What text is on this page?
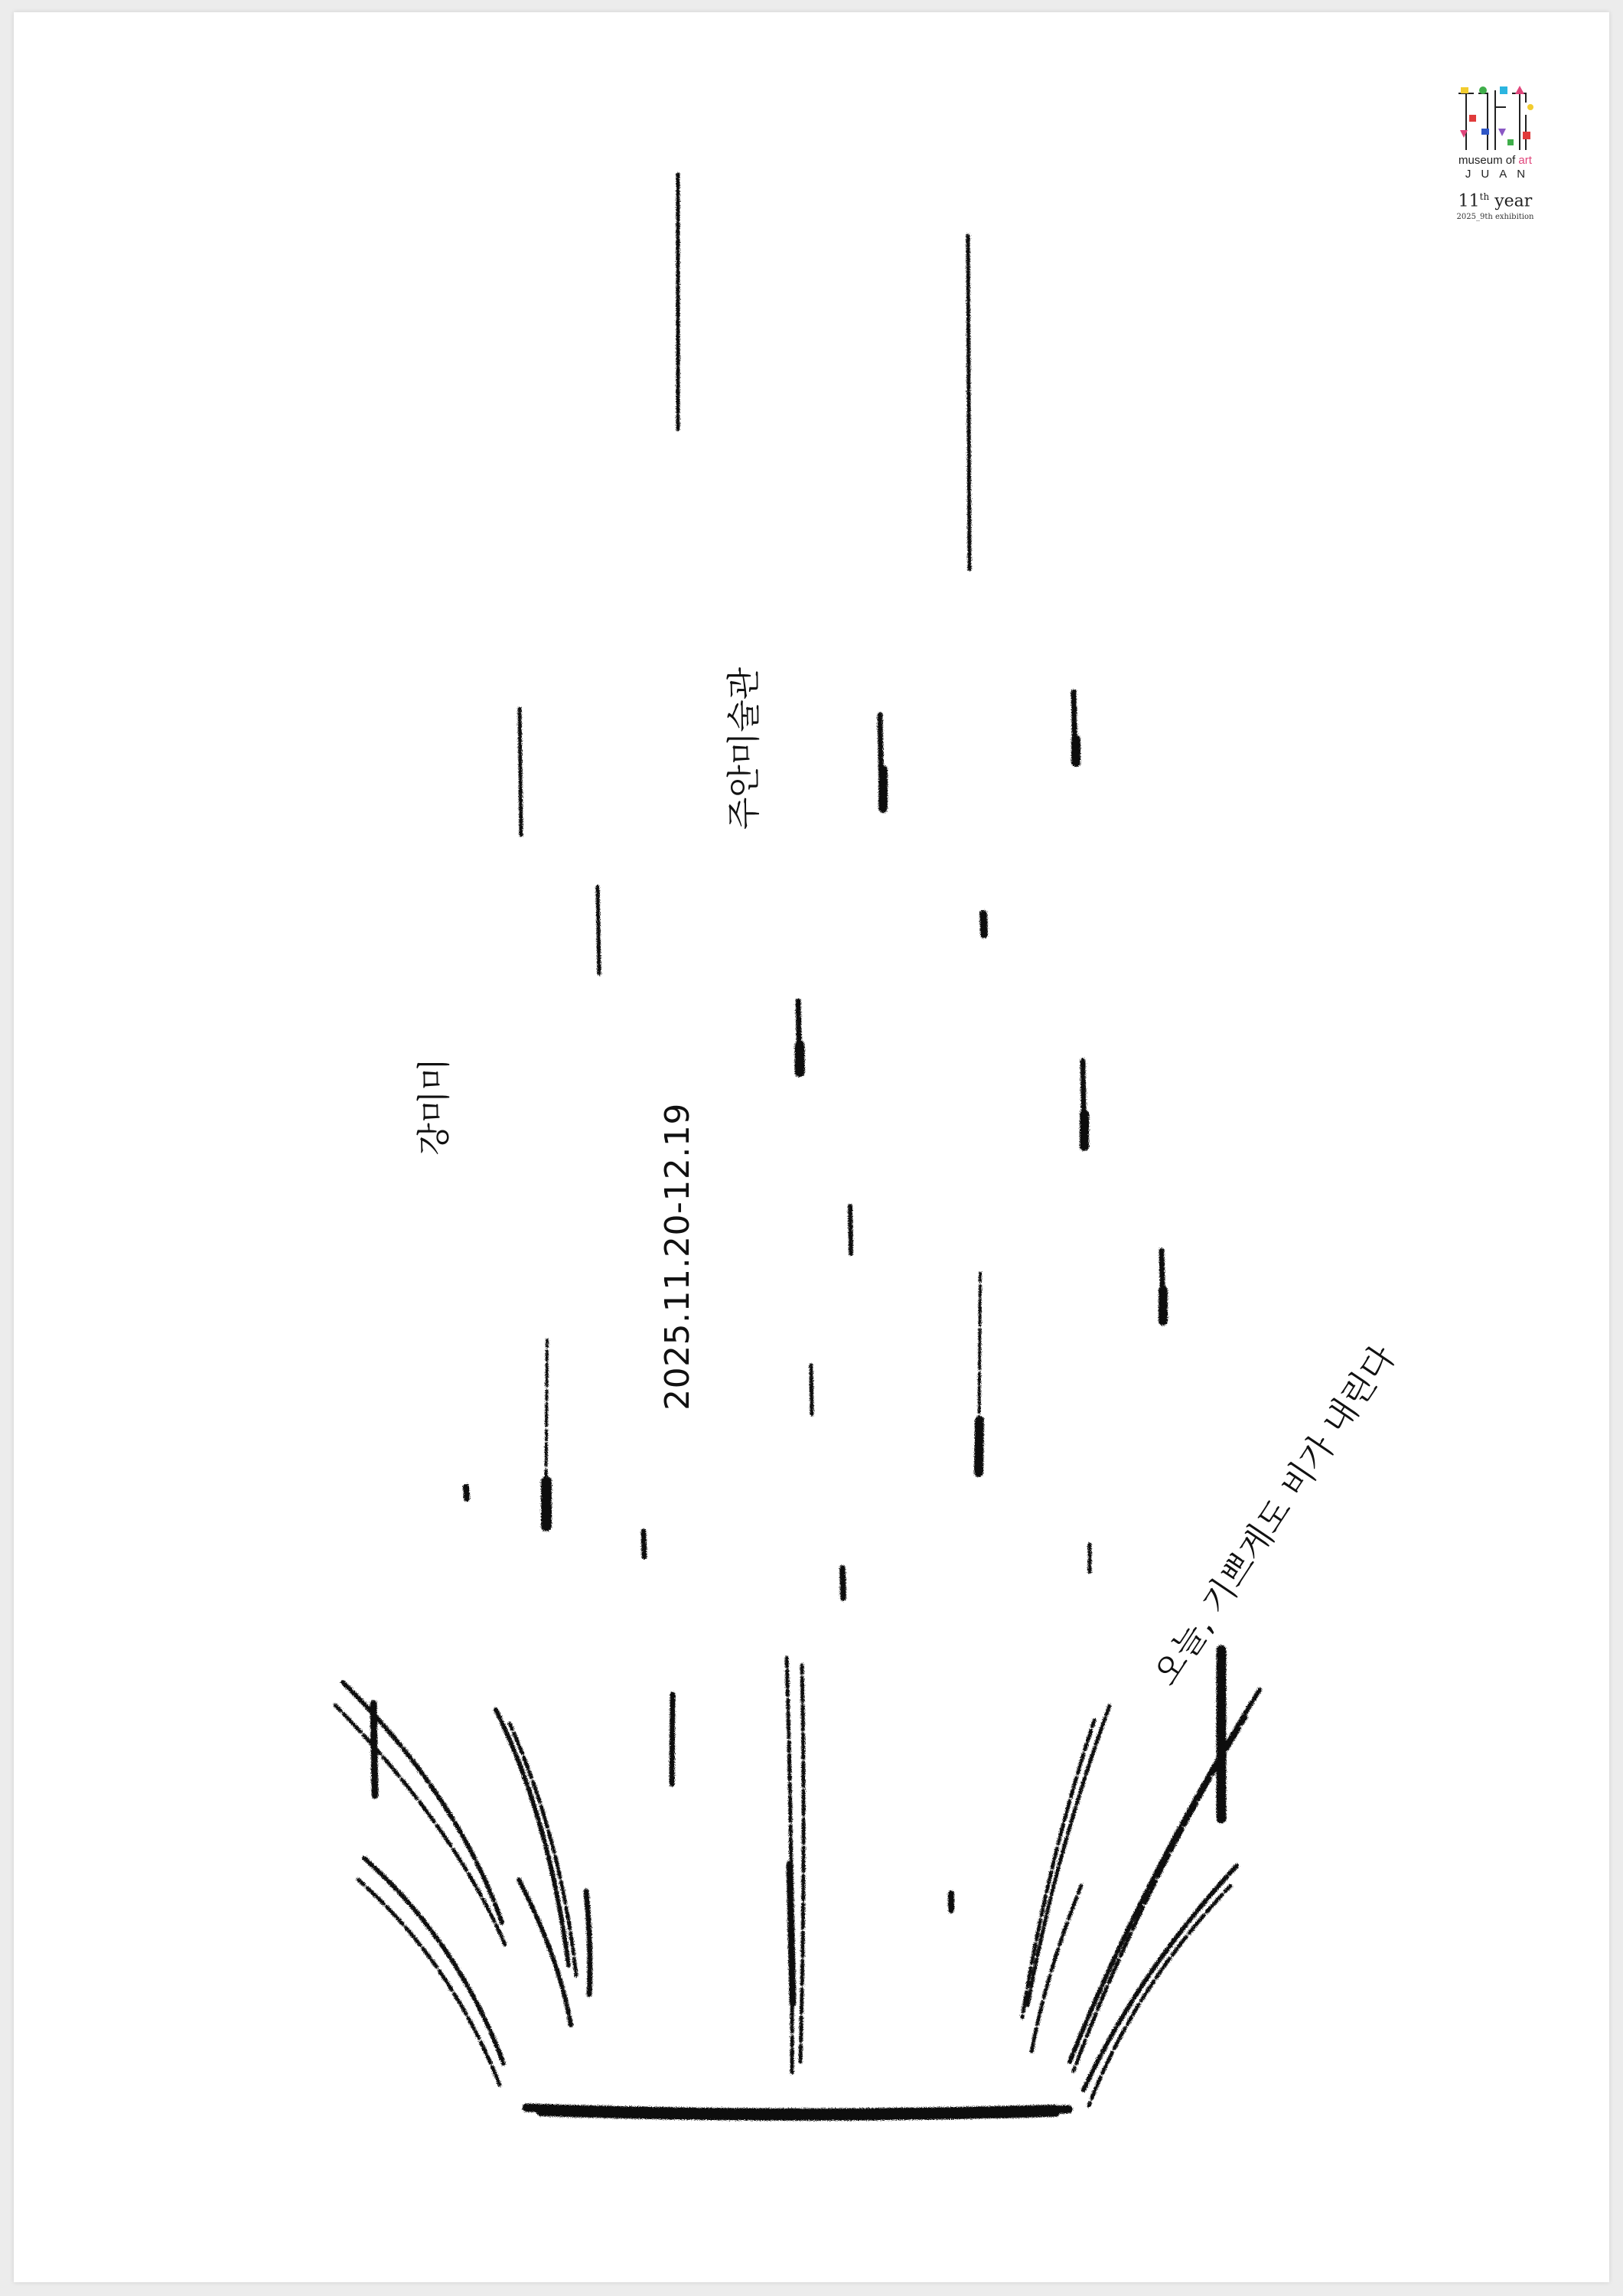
강미미
주안미술관
2025.11.20-12.19
오늘, 기쁘게도 비가 내린다
museum of art
JUAN
11th year
2025_9th exhibition
